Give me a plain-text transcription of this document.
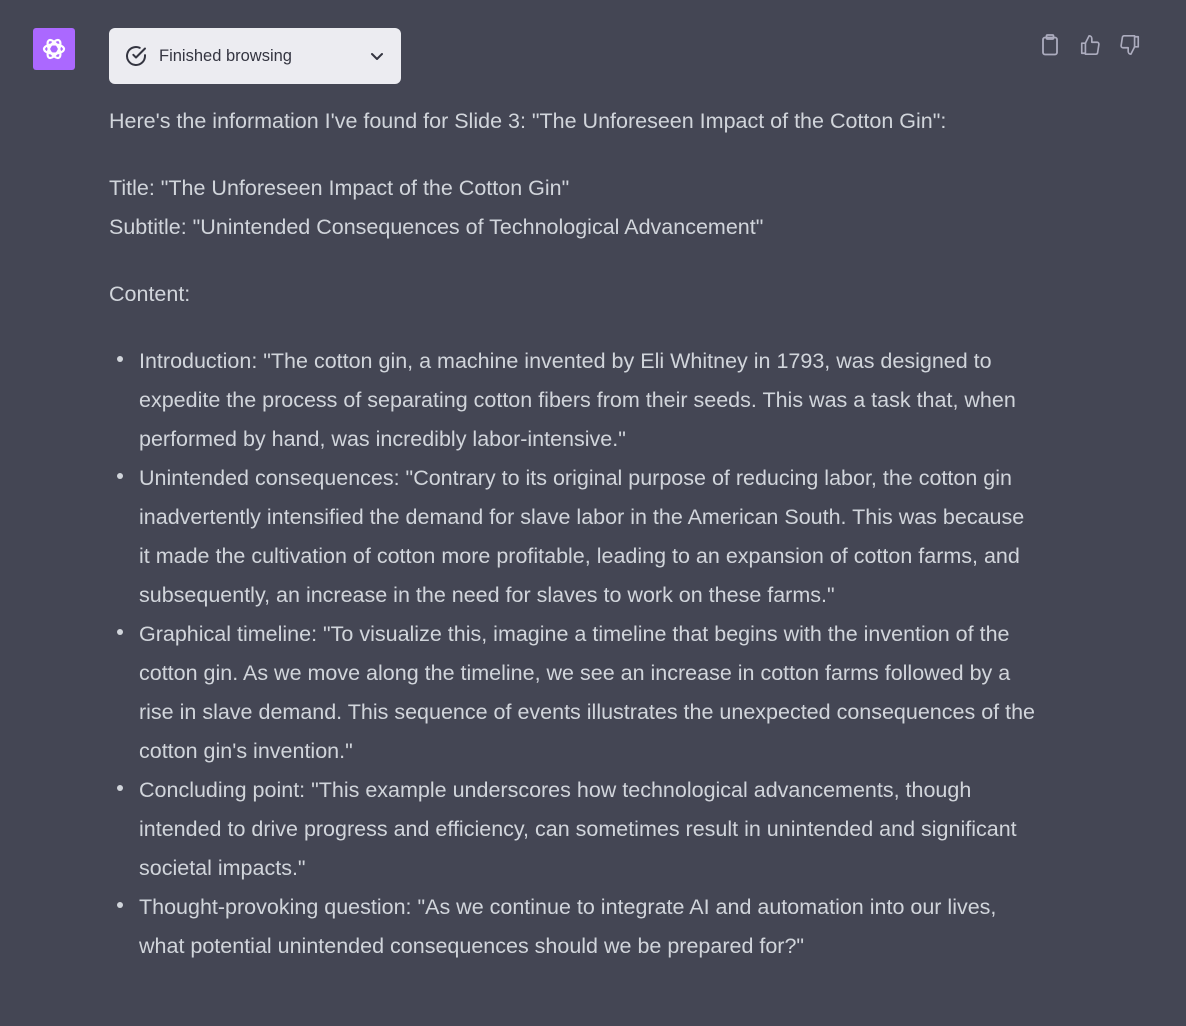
Finished browsing

Here's the information I've found for Slide 3: "The Unforeseen Impact of the Cotton Gin":

Title: "The Unforeseen Impact of the Cotton Gin"

Subtitle: "Unintended Consequences of Technological Advancement"

Content:

Introduction: "The cotton gin, a machine invented by Eli Whitney in 1793, was designed to expedite the process of separating cotton fibers from their seeds. This was a task that, when performed by hand, was incredibly labor-intensive."
Unintended consequences: "Contrary to its original purpose of reducing labor, the cotton gin inadvertently intensified the demand for slave labor in the American South. This was because it made the cultivation of cotton more profitable, leading to an expansion of cotton farms, and subsequently, an increase in the need for slaves to work on these farms."
Graphical timeline: "To visualize this, imagine a timeline that begins with the invention of the cotton gin. As we move along the timeline, we see an increase in cotton farms followed by a rise in slave demand. This sequence of events illustrates the unexpected consequences of the cotton gin's invention."
Concluding point: "This example underscores how technological advancements, though intended to drive progress and efficiency, can sometimes result in unintended and significant societal impacts."
Thought-provoking question: "As we continue to integrate AI and automation into our lives, what potential unintended consequences should we be prepared for?"
